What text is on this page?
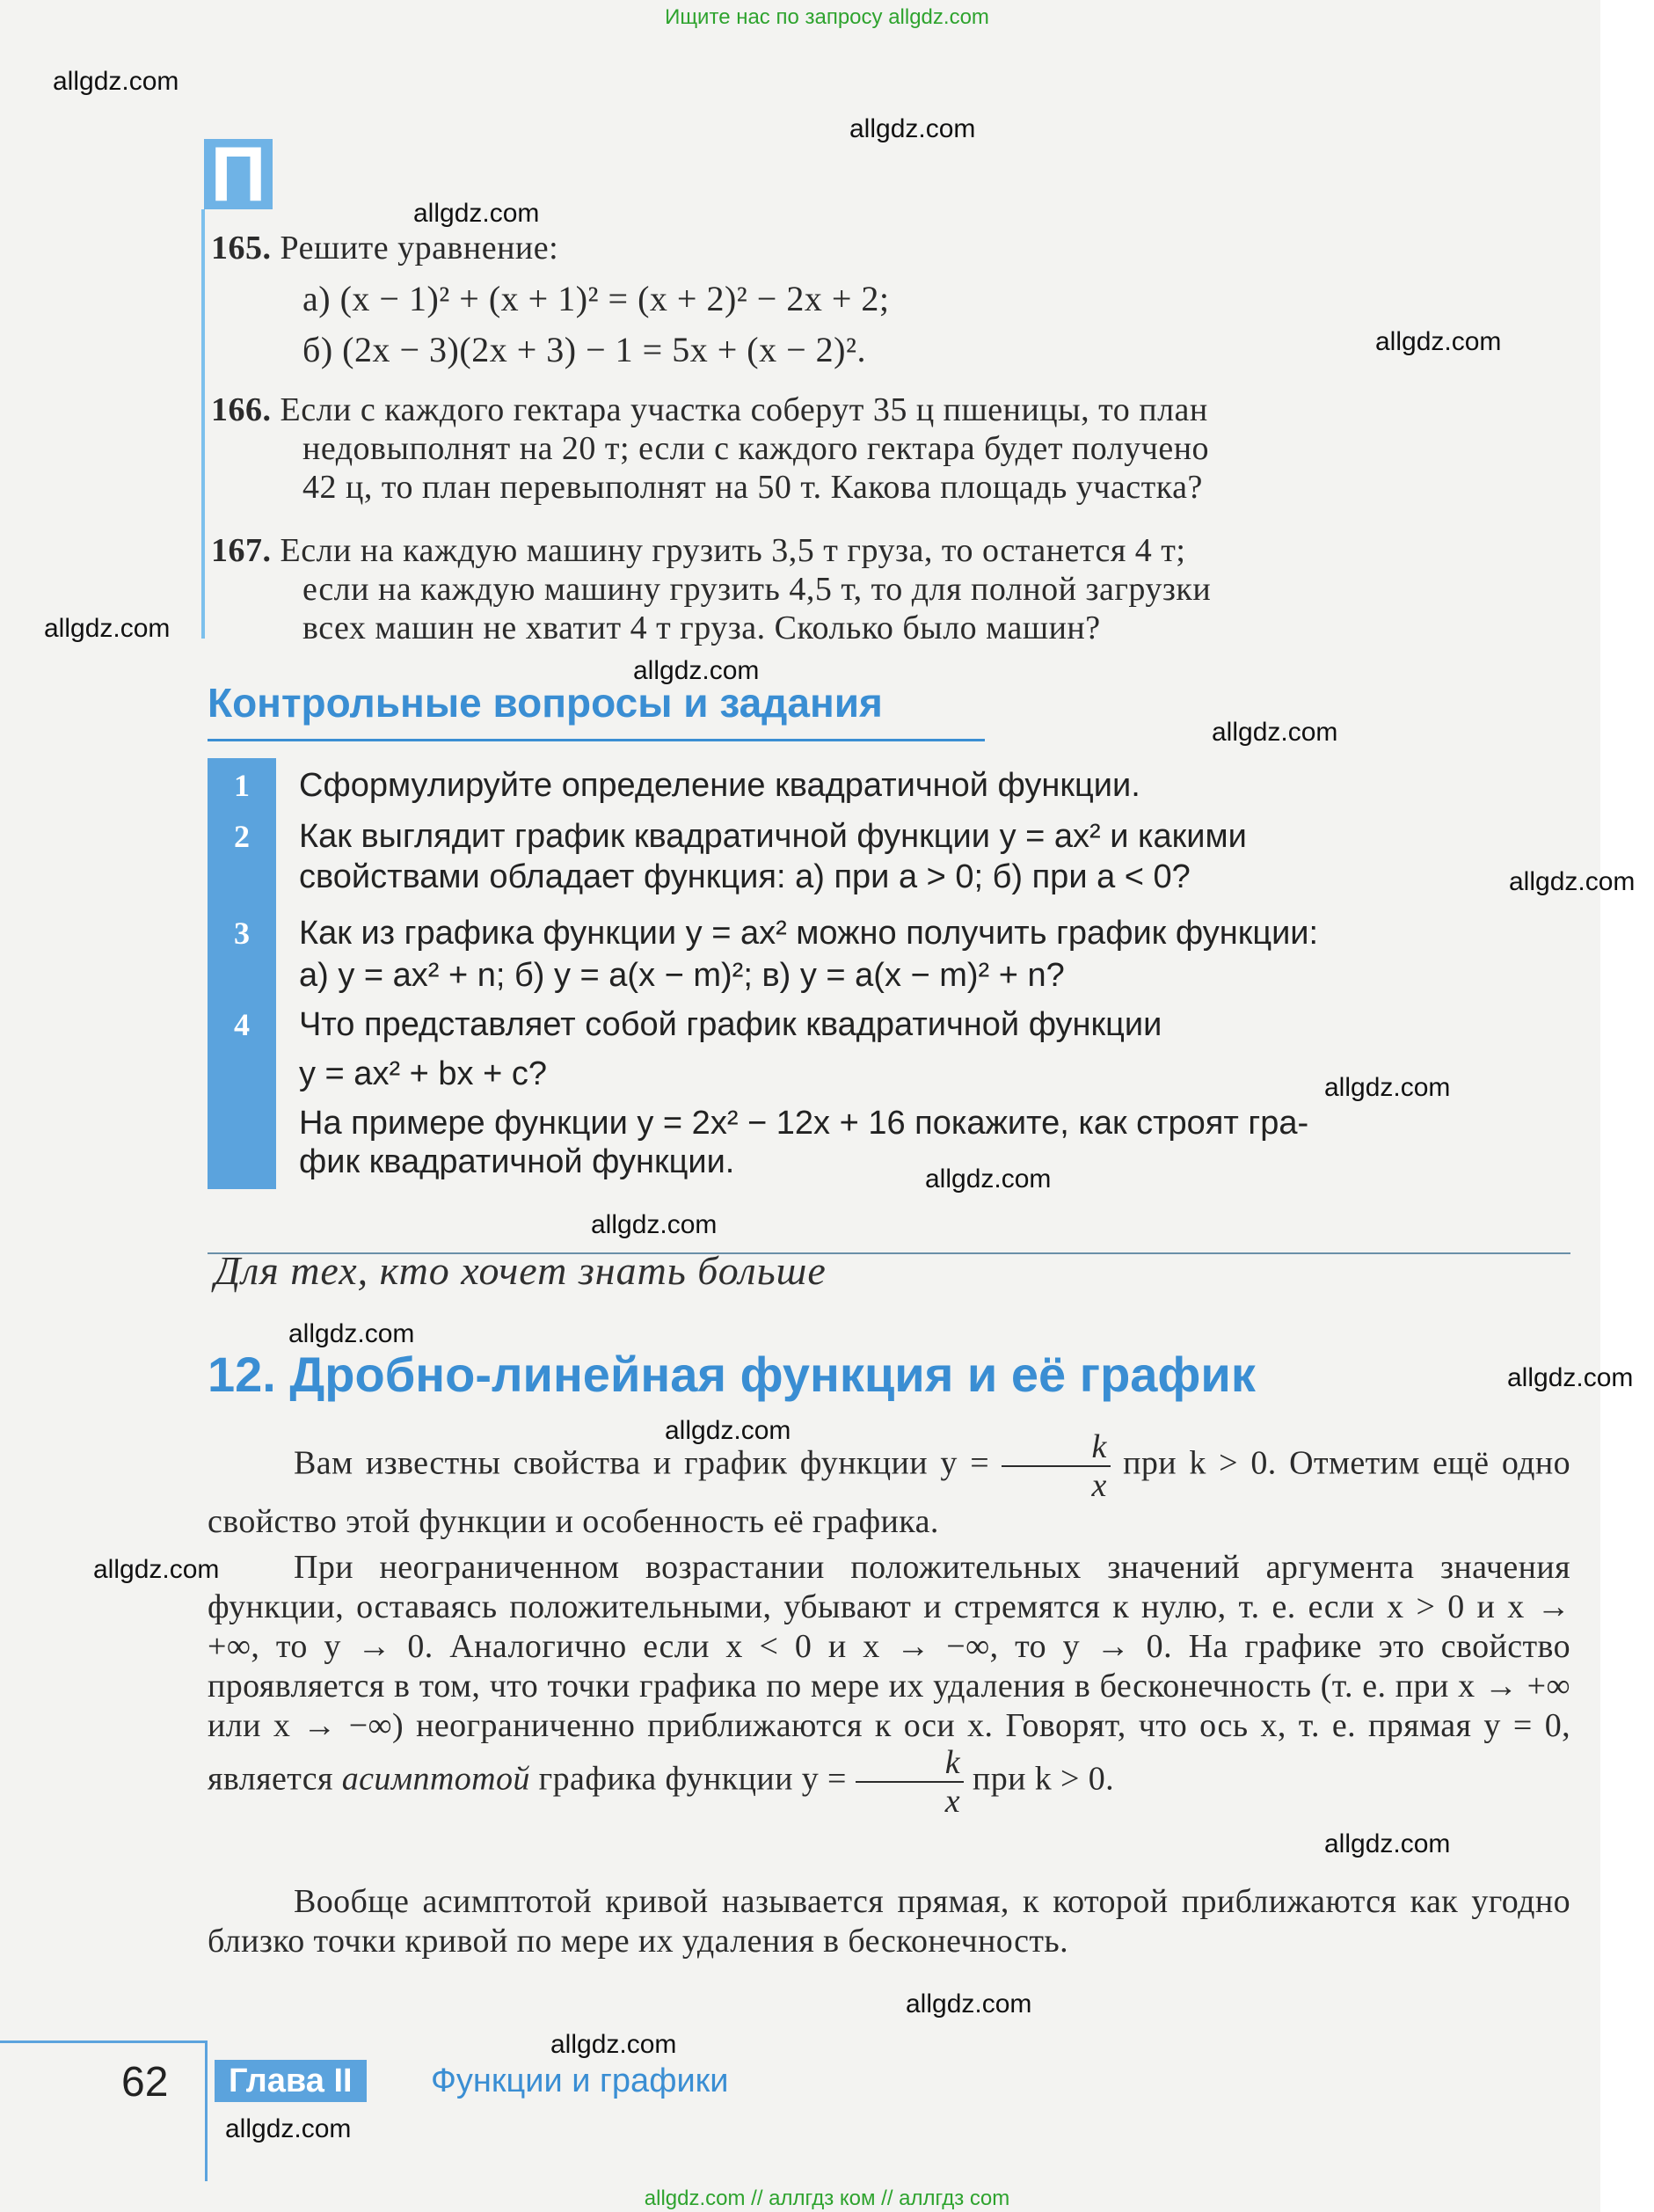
Ищите нас по запросу allgdz.com
allgdz.com
allgdz.com
allgdz.com
allgdz.com
allgdz.com
allgdz.com
allgdz.com
allgdz.com
allgdz.com
allgdz.com
allgdz.com
allgdz.com
allgdz.com
allgdz.com
allgdz.com
allgdz.com
allgdz.com
allgdz.com
allgdz.com
П
165. Решите уравнение:
а) (x − 1)² + (x + 1)² = (x + 2)² − 2x + 2;
б) (2x − 3)(2x + 3) − 1 = 5x + (x − 2)².
166. Если с каждого гектара участка соберут 35 ц пшеницы, то план
недовыполнят на 20 т; если с каждого гектара будет получено
42 ц, то план перевыполнят на 50 т. Какова площадь участка?
167. Если на каждую машину грузить 3,5 т груза, то останется 4 т;
если на каждую машину грузить 4,5 т, то для полной загрузки
всех машин не хватит 4 т груза. Сколько было машин?
Контрольные вопросы и задания
1	Сформулируйте определение квадратичной функции.
2	Как выглядит график квадратичной функции y = ax² и какими
свойствами обладает функция: а) при a > 0; б) при a < 0?
3	Как из графика функции y = ax² можно получить график функции:
а) y = ax² + n; б) y = a(x − m)²; в) y = a(x − m)² + n?
4	Что представляет собой график квадратичной функции
y = ax² + bx + c?
На примере функции y = 2x² − 12x + 16 покажите, как строят гра-
фик квадратичной функции.
Для тех, кто хочет знать больше
12. Дробно-линейная функция и её график
Вам известны свойства и график функции $y = \frac{k}{x}$ при k > 0. Отметим ещё одно свойство этой функции и особенность её графика.
При неограниченном возрастании положительных значений аргумента значения функции, оставаясь положительными, убывают и стремятся к нулю, т. е. если x > 0 и x → +∞, то y → 0. Аналогично если x < 0 и x → −∞, то y → 0. На графике это свойство проявляется в том, что точки графика по мере их удаления в бесконечность (т. е. при x → +∞ или x → −∞) неограниченно приближаются к оси x. Говорят, что ось x, т. е. прямая y = 0, является асимптотой графика функции $y = \frac{k}{x}$ при k > 0.
Вообще асимптотой кривой называется прямая, к которой приближаются как угодно близко точки кривой по мере их удаления в бесконечность.
62	Глава II	Функции и графики
allgdz.com // аллгдз ком // аллгдз com
